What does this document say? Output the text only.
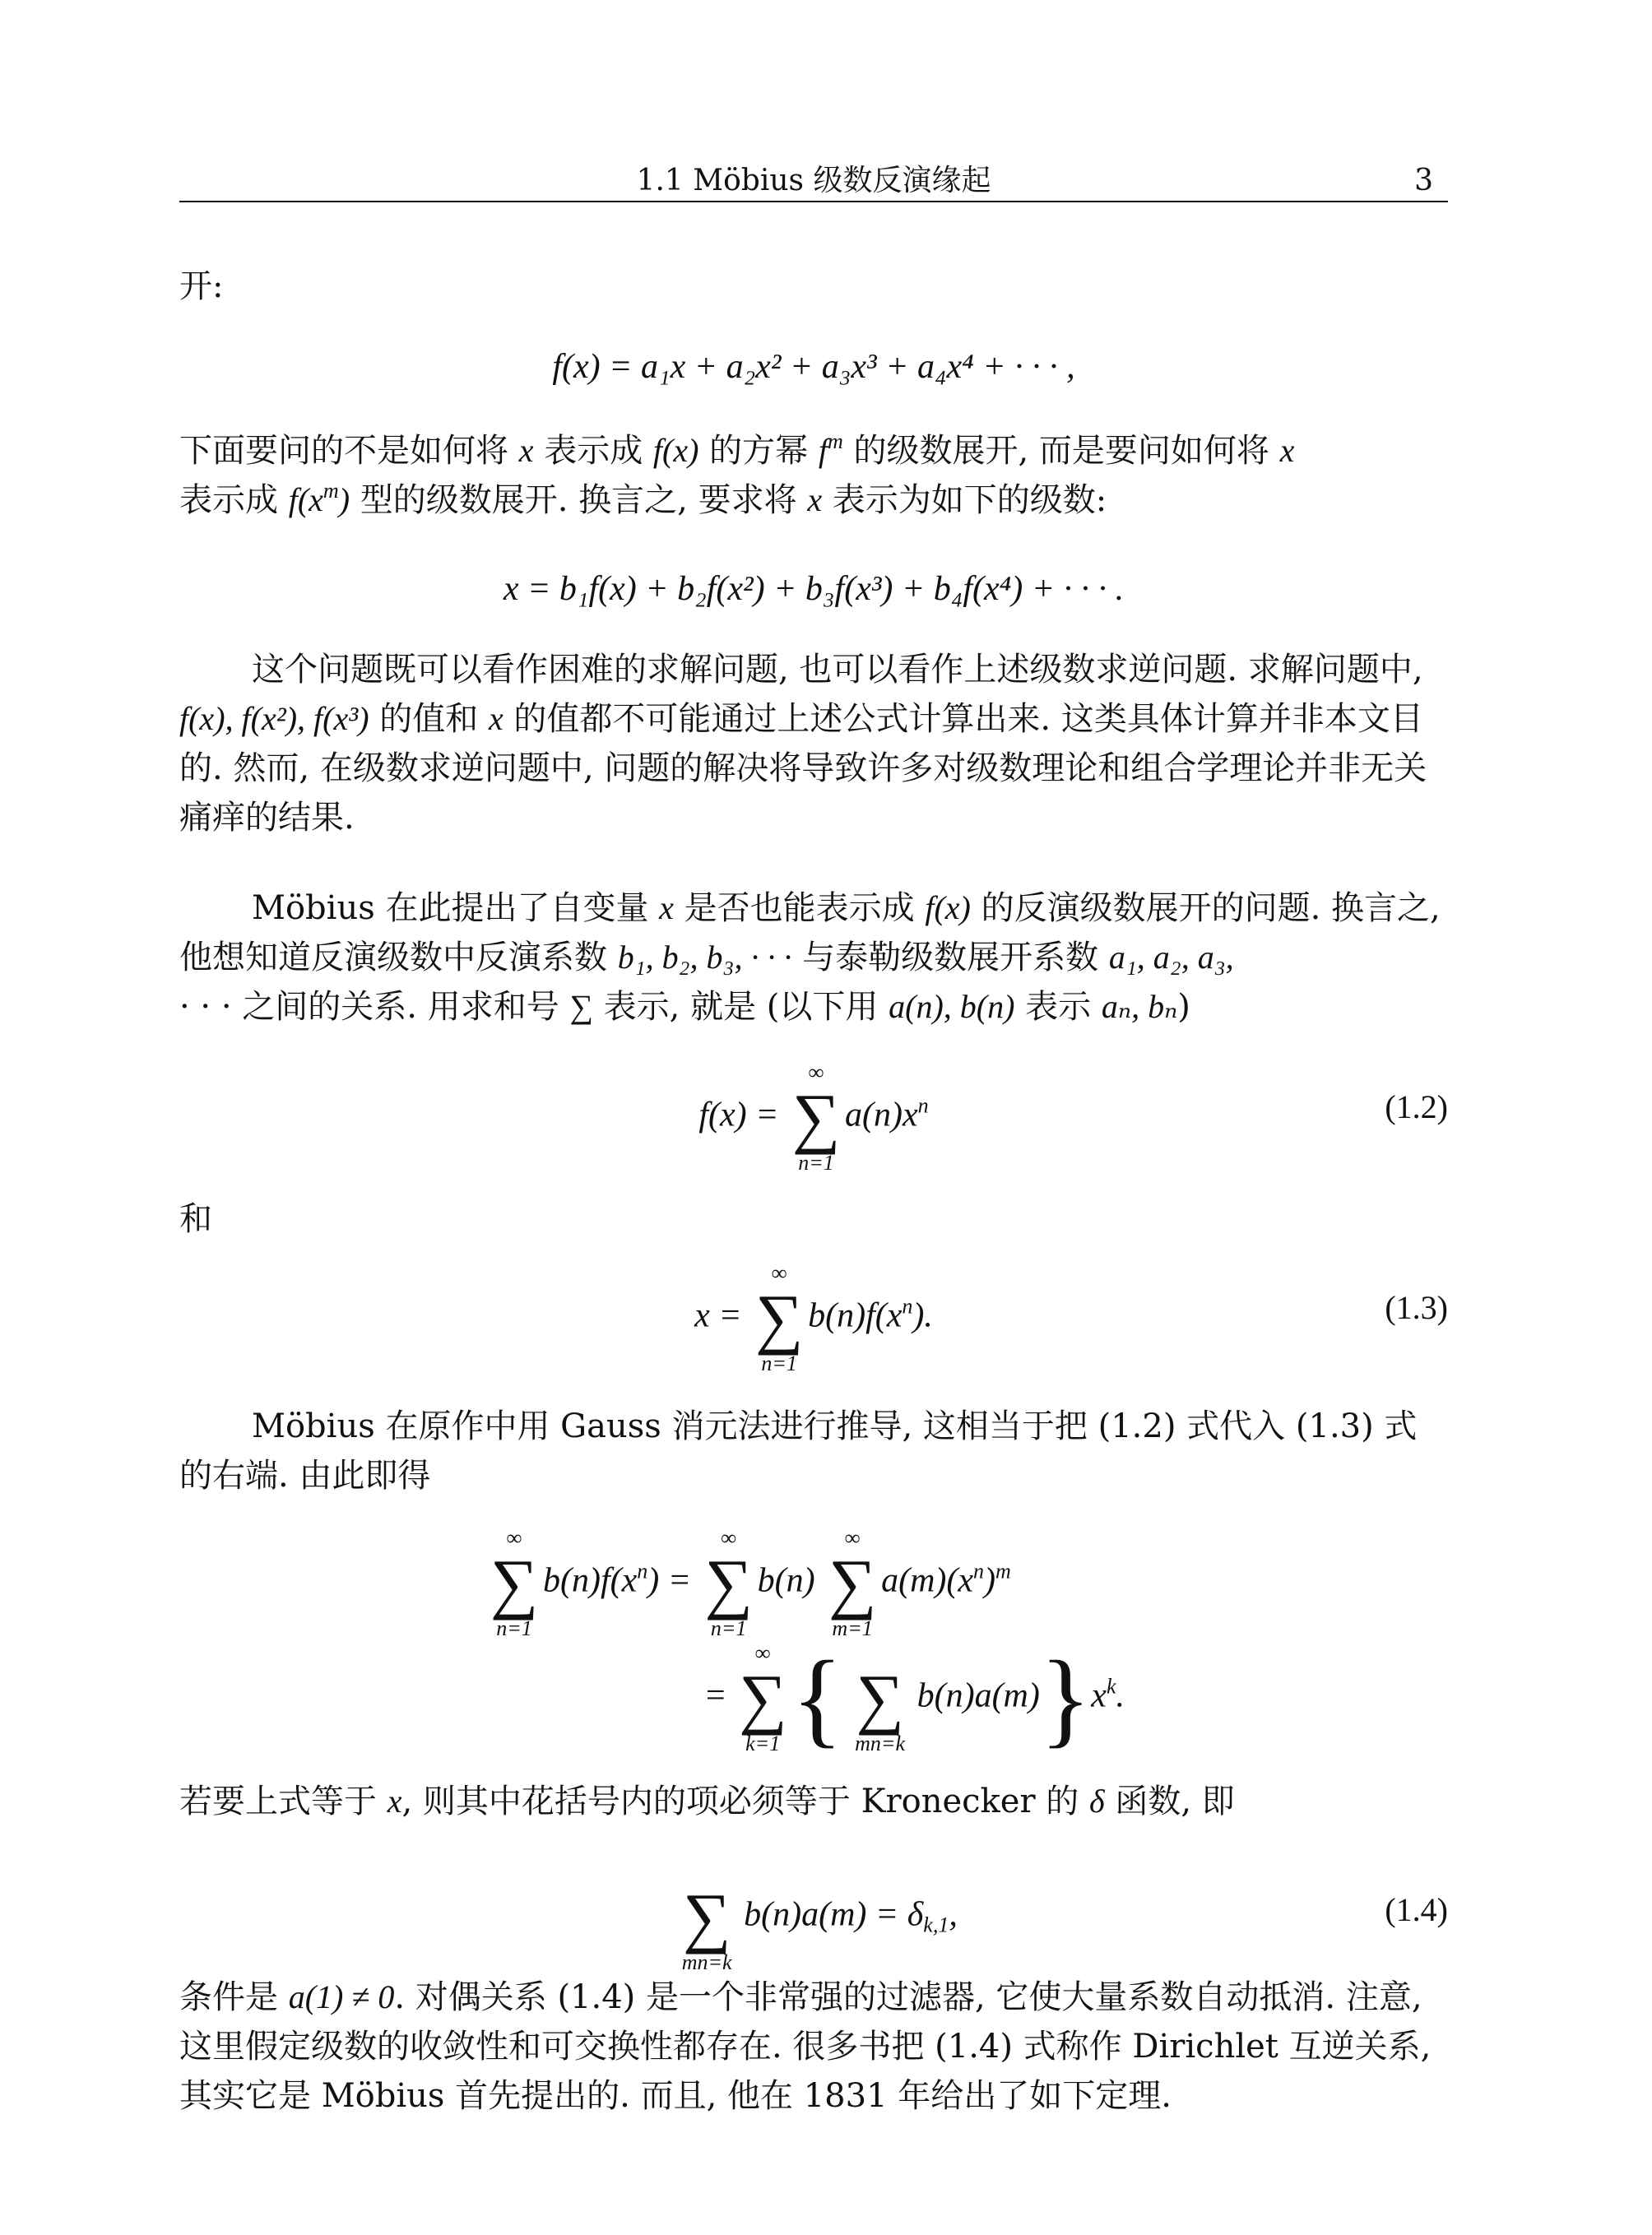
1.1 Möbius 级数反演缘起	3
开:
f(x) = a₁x + a₂x² + a₃x³ + a₄x⁴ + · · · ,
下面要问的不是如何将 x 表示成 f(x) 的方幂 $f^m$ 的级数展开, 而是要问如何将 x
表示成 $f(x^m)$ 型的级数展开. 换言之, 要求将 x 表示为如下的级数:
x = b₁f(x) + b₂f(x²) + b₃f(x³) + b₄f(x⁴) + · · · .
这个问题既可以看作困难的求解问题, 也可以看作上述级数求逆问题. 求解问题中, f(x), f(x²), f(x³) 的值和 x 的值都不可能通过上述公式计算出来. 这类具体计算并非本文目的. 然而, 在级数求逆问题中, 问题的解决将导致许多对级数理论和组合学理论并非无关痛痒的结果.
Möbius 在此提出了自变量 x 是否也能表示成 f(x) 的反演级数展开的问题. 换言之, 他想知道反演级数中反演系数 b₁, b₂, b₃, · · · 与泰勒级数展开系数 a₁, a₂, a₃,
· · · 之间的关系. 用求和号 ∑ 表示, 就是 (以下用 a(n), b(n) 表示 aₙ, bₙ)
f(x) =
∞
∑
n=1
$a(n)x^n$	(1.2)
和
x =
∞
∑
n=1
$b(n)f(x^n)$.	(1.3)
Möbius 在原作中用 Gauss 消元法进行推导, 这相当于把 (1.2) 式代入 (1.3) 式的右端. 由此即得
∞
∑
n=1
$b(n)f(x^n)$ =
∞
∑
n=1
b(n)
∞
∑
m=1
$a(m)(x^n)^m$
=
∞
∑
k=1 {
∑
mn=k
$b(n)a(m)\}x^k$.
若要上式等于 x, 则其中花括号内的项必须等于 Kronecker 的 δ 函数, 即

∑
mn=k
$b(n)a(m) = \delta_{k,1}$,	(1.4)
条件是 a(1) ≠ 0. 对偶关系 (1.4) 是一个非常强的过滤器, 它使大量系数自动抵消. 注意, 这里假定级数的收敛性和可交换性都存在. 很多书把 (1.4) 式称作 Dirichlet 互逆关系, 其实它是 Möbius 首先提出的. 而且, 他在 1831 年给出了如下定理.
